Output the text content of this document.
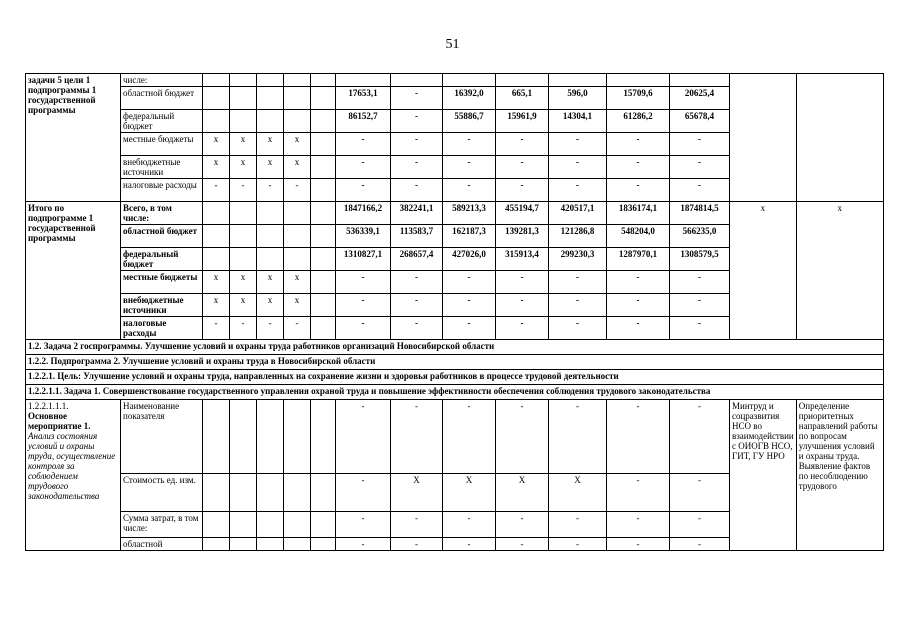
51
задачи 5 цели 1 подпрограммы 1 государственной программы	числе:														
	областной бюджет						17653,1	-	16392,0	665,1	596,0	15709,6	20625,4		
	федеральный бюджет						86152,7	-	55886,7	15961,9	14304,1	61286,2	65678,4		
	местные бюджеты	x	x	x	x		-	-	-	-	-	-	-		
	внебюджетные источники	x	x	x	x		-	-	-	-	-	-	-		
	налоговые расходы	-	-	-	-		-	-	-	-	-	-	-		
Итого по подпрограмме 1 государственной программы	Всего, в том числе:						1847166,2	382241,1	589213,3	455194,7	420517,1	1836174,1	1874814,5	x	x
	областной бюджет						536339,1	113583,7	162187,3	139281,3	121286,8	548204,0	566235,0		
	федеральный бюджет						1310827,1	268657,4	427026,0	315913,4	299230,3	1287970,1	1308579,5		
	местные бюджеты	x	x	x	x		-	-	-	-	-	-	-		
	внебюджетные источники	x	x	x	x		-	-	-	-	-	-	-		
	налоговые расходы	-	-	-	-		-	-	-	-	-	-	-		
1.2. Задача 2 госпрограммы. Улучшение условий и охраны труда работников организаций Новосибирской области															
1.2.2. Подпрограмма 2. Улучшение условий и охраны труда в Новосибирской области															
1.2.2.1. Цель: Улучшение условий и охраны труда, направленных на сохранение жизни и здоровья работников в процессе трудовой деятельности															
1.2.2.1.1. Задача 1. Совершенствование государственного управления охраной труда и повышение эффективности обеспечения соблюдения трудового законодательства															

1.2.2.1.1.1.
Основное мероприятие 1.
Анализ состояния условий и охраны труда, осуществление контроля за соблюдением трудового законодательства	Наименование показателя						-	-	-	-	-	-	-	Минтруд и соцразвития НСО во взаимодействии с ОИОГВ НСО, ГИТ, ГУ НРО	Определение приоритетных направлений работы по вопросам улучшения условий и охраны труда. Выявление фактов по несоблюдению трудового
	Стоимость ед. изм.						-	X	X	X	X	-	-		
	Сумма затрат, в том числе:						-	-	-	-	-	-	-		
	областной						-	-	-	-	-	-	-		
